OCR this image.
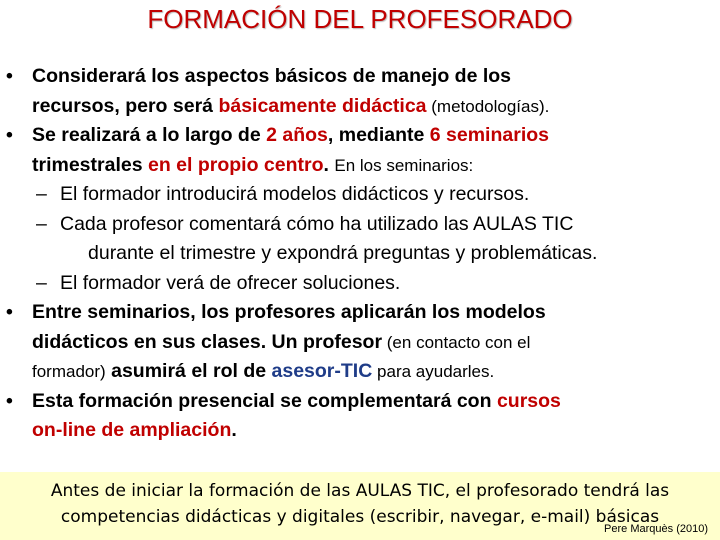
FORMACIÓN DEL PROFESORADO
• Considerará los aspectos básicos de manejo de los
recursos, pero será básicamente didáctica (metodologías).
• Se realizará a lo largo de 2 años, mediante 6 seminarios
trimestrales en el propio centro. En los seminarios:
– El formador introducirá modelos didácticos y recursos.
– Cada profesor comentará cómo ha utilizado las AULAS TIC
durante el trimestre y expondrá preguntas y problemáticas.
– El formador verá de ofrecer soluciones.
• Entre seminarios, los profesores aplicarán los modelos
didácticos en sus clases. Un profesor (en contacto con el
formador) asumirá el rol de asesor-TIC para ayudarles.
• Esta formación presencial se complementará con cursos
on-line de ampliación.
Antes de iniciar la formación de las AULAS TIC, el profesorado tendrá las
competencias didácticas y digitales (escribir, navegar, e-mail) básicas
Pere Marquès (2010)
